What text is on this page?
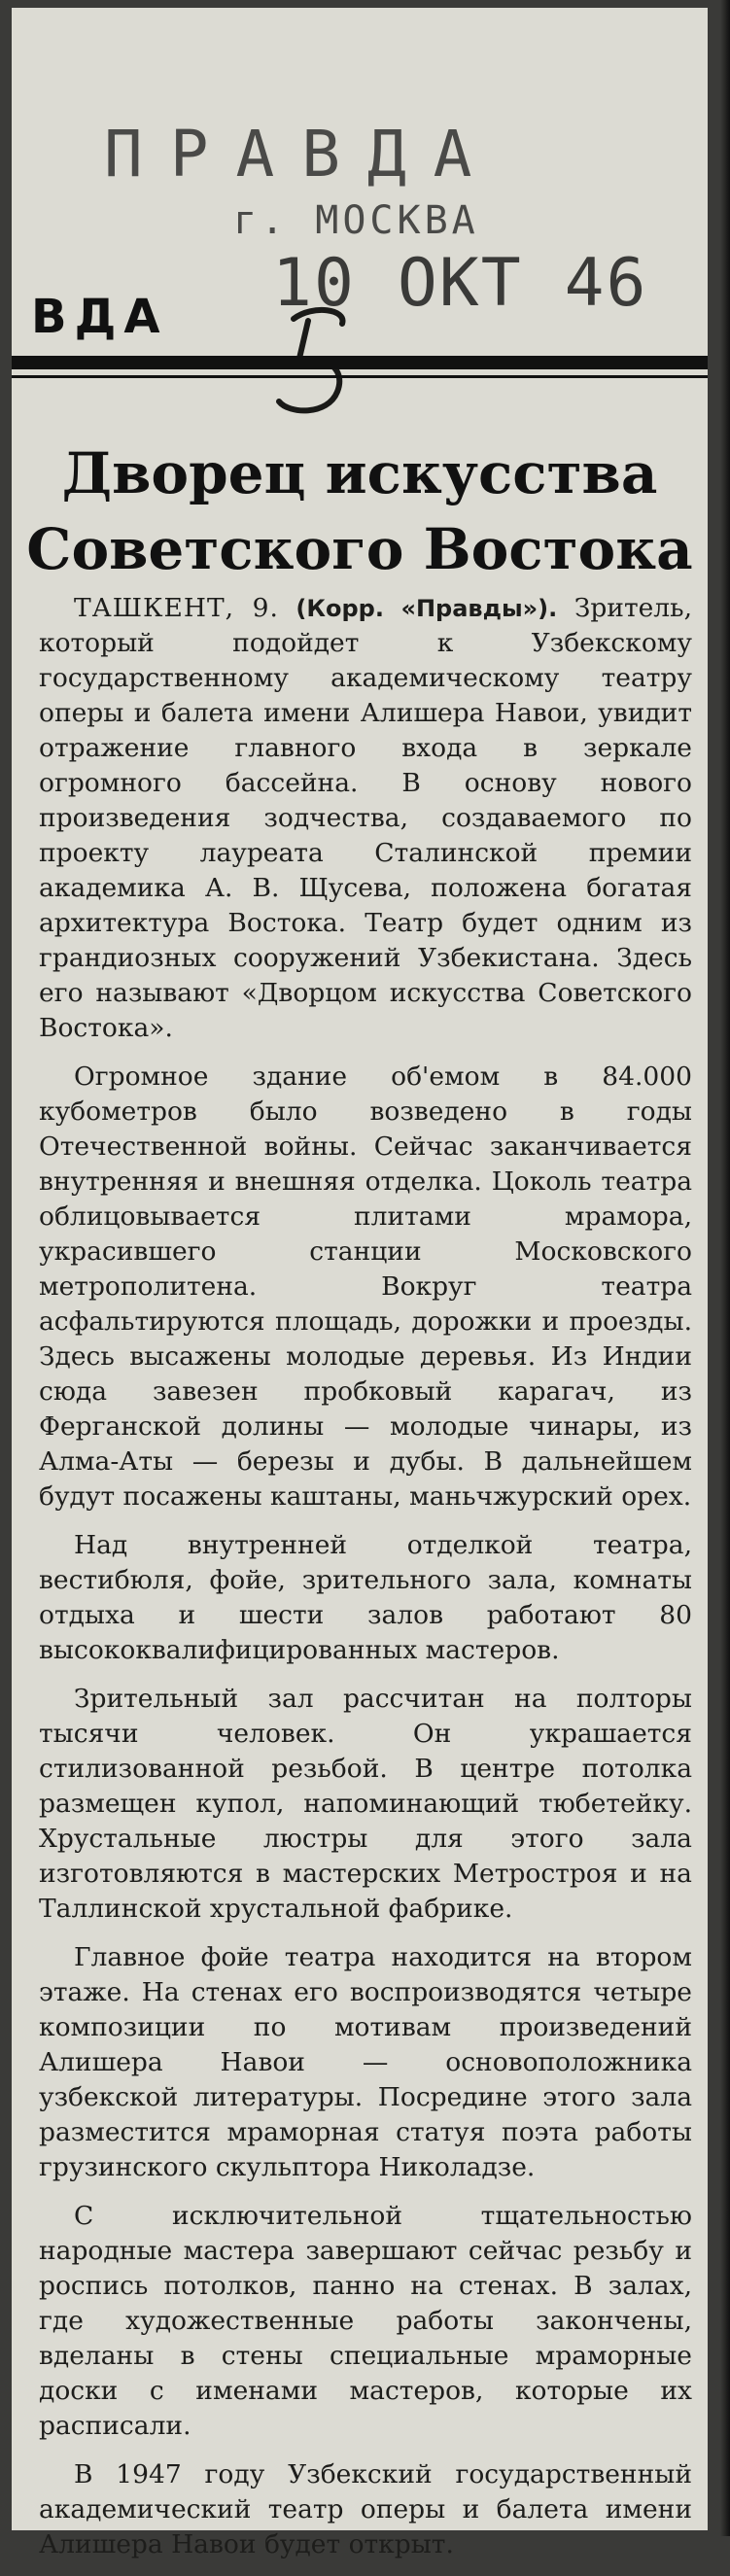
ПРАВДА
г. МОСКВА
10 ОКТ 46
ВДА
Дворец искусства
Советского Востока

ТАШКЕНТ, 9. (Корр. «Правды»). Зритель, который подойдет к Узбекскому государственному академическому театру оперы и балета имени Алишера Навои, увидит отражение главного входа в зеркале огромного бассейна. В основу нового произведения зодчества, создаваемого по проекту лауреата Сталинской премии академика А. В. Щусева, положена богатая архитектура Востока. Театр будет одним из грандиозных сооружений Узбекистана. Здесь его называют «Дворцом искусства Советского Востока».

Огромное здание об'емом в 84.000 кубометров было возведено в годы Отечественной войны. Сейчас заканчивается внутренняя и внешняя отделка. Цоколь театра облицовывается плитами мрамора, украсившего станции Московского метрополитена. Вокруг театра асфальтируются площадь, дорожки и проезды. Здесь высажены молодые деревья. Из Индии сюда завезен пробковый карагач, из Ферганской долины — молодые чинары, из Алма-Аты — березы и дубы. В дальнейшем будут посажены каштаны, маньчжурский орех.

Над внутренней отделкой театра, вестибюля, фойе, зрительного зала, комнаты отдыха и шести залов работают 80 высококвалифицированных мастеров.

Зрительный зал рассчитан на полторы тысячи человек. Он украшается стилизованной резьбой. В центре потолка размещен купол, напоминающий тюбетейку. Хрустальные люстры для этого зала изготовляются в мастерских Метростроя и на Таллинской хрустальной фабрике.

Главное фойе театра находится на втором этаже. На стенах его воспроизводятся четыре композиции по мотивам произведений Алишера Навои — основоположника узбекской литературы. Посредине этого зала разместится мраморная статуя поэта работы грузинского скульптора Николадзе.

С исключительной тщательностью народные мастера завершают сейчас резьбу и роспись потолков, панно на стенах. В залах, где художественные работы закончены, вделаны в стены специальные мраморные доски с именами мастеров, которые их расписали.

В 1947 году Узбекский государственный академический театр оперы и балета имени Алишера Навои будет открыт.
